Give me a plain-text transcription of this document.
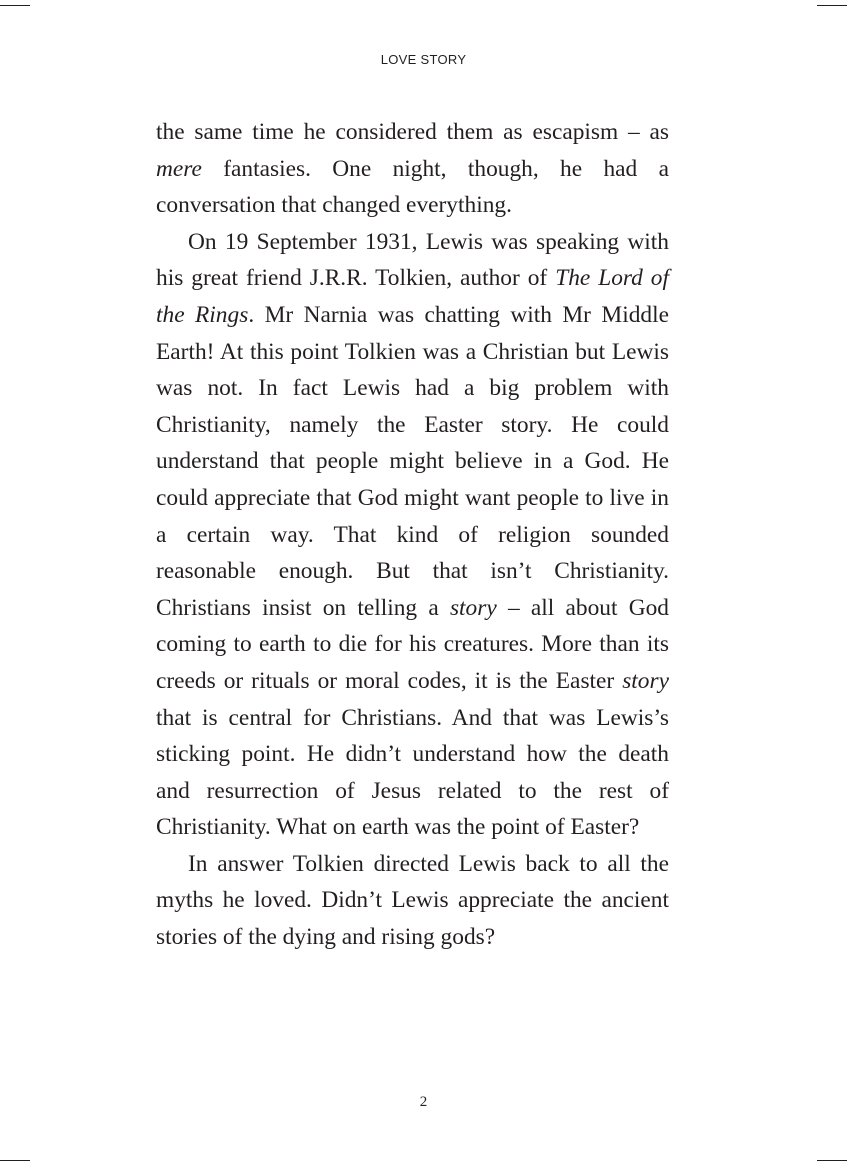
LOVE STORY

the same time he considered them as escapism – as mere fantasies. One night, though, he had a conversation that changed everything.

On 19 September 1931, Lewis was speaking with his great friend J.R.R. Tolkien, author of The Lord of the Rings. Mr Narnia was chatting with Mr Middle Earth! At this point Tolkien was a Christian but Lewis was not. In fact Lewis had a big problem with Christianity, namely the Easter story. He could understand that people might believe in a God. He could appreciate that God might want people to live in a certain way. That kind of religion sounded reasonable enough. But that isn’t Christianity. Christians insist on telling a story – all about God coming to earth to die for his creatures. More than its creeds or rituals or moral codes, it is the Easter story that is central for Christians. And that was Lewis’s sticking point. He didn’t understand how the death and resurrection of Jesus related to the rest of Christianity. What on earth was the point of Easter?

In answer Tolkien directed Lewis back to all the myths he loved. Didn’t Lewis appreciate the ancient stories of the dying and rising gods?

2
